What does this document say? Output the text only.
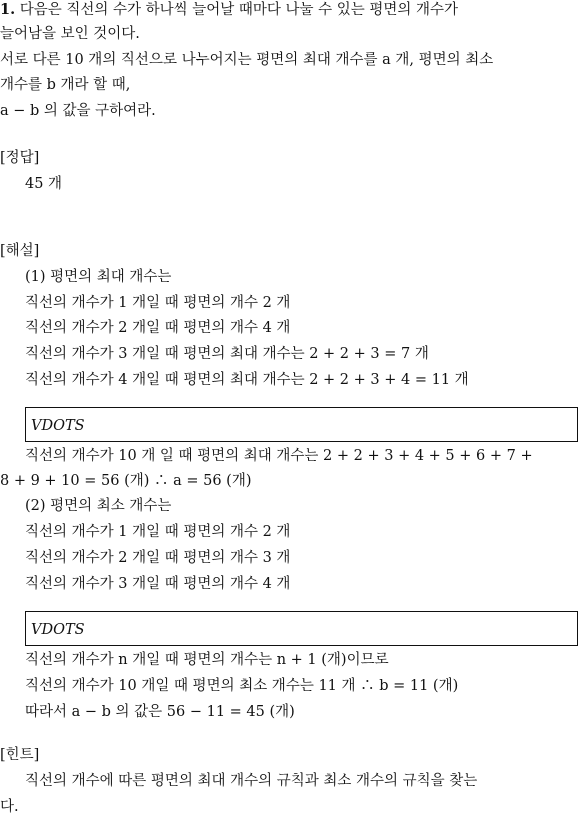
1. 다음은 직선의 수가 하나씩 늘어날 때마다 나눌 수 있는 평면의 개수가
늘어남을 보인 것이다.
서로 다른 10 개의 직선으로 나누어지는 평면의 최대 개수를 a 개, 평면의 최소
개수를 b 개라 할 때,
a − b 의 값을 구하여라.
[정답]
45 개
[해설]
(1) 평면의 최대 개수는
직선의 개수가 1 개일 때 평면의 개수 2 개
직선의 개수가 2 개일 때 평면의 개수 4 개
직선의 개수가 3 개일 때 평면의 최대 개수는 2 + 2 + 3 = 7 개
직선의 개수가 4 개일 때 평면의 최대 개수는 2 + 2 + 3 + 4 = 11 개
VDOTS
직선의 개수가 10 개 일 때 평면의 최대 개수는 2 + 2 + 3 + 4 + 5 + 6 + 7 +
8 + 9 + 10 = 56 (개) ∴ a = 56 (개)
(2) 평면의 최소 개수는
직선의 개수가 1 개일 때 평면의 개수 2 개
직선의 개수가 2 개일 때 평면의 개수 3 개
직선의 개수가 3 개일 때 평면의 개수 4 개
VDOTS
직선의 개수가 n 개일 때 평면의 개수는 n + 1 (개)이므로
직선의 개수가 10 개일 때 평면의 최소 개수는 11 개 ∴ b = 11 (개)
따라서 a − b 의 값은 56 − 11 = 45 (개)
[힌트]
직선의 개수에 따른 평면의 최대 개수의 규칙과 최소 개수의 규칙을 찾는
다.
